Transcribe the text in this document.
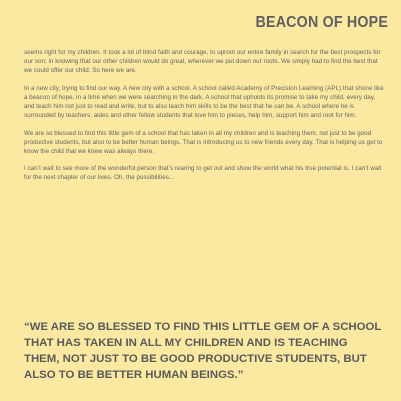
BEACON OF HOPE

seems right for my children. It took a lot of blind faith and courage, to uproot our entire family in search for the best prospects for our son; in knowing that our other children would do great, wherever we put down our roots. We simply had to find the best that we could offer our child. So here we are.

In a new city, trying to find our way. A new city with a school. A school called Academy of Precision Learning (APL) that shone like a beacon of hope, in a time when we were searching in the dark. A school that upholds its promise to take my child, every day, and teach him not just to read and write, but to also teach him skills to be the best that he can be. A school where he is surrounded by teachers, aides and other fellow students that love him to pieces, help him, support him and root for him.

We are so blessed to find this little gem of a school that has taken in all my children and is teaching them, not just to be good productive students, but also to be better human beings. That is introducing us to new friends every day. That is helping us get to know the child that we knew was always there.

I can’t wait to see more of the wonderful person that’s rearing to get out and show the world what his true potential is. I can’t wait for the next chapter of our lives. Oh, the possibilities…

“WE ARE SO BLESSED TO FIND THIS LITTLE GEM OF A SCHOOL THAT HAS TAKEN IN ALL MY CHILDREN AND IS TEACHING THEM, NOT JUST TO BE GOOD PRODUCTIVE STUDENTS, BUT ALSO TO BE BETTER HUMAN BEINGS.”
